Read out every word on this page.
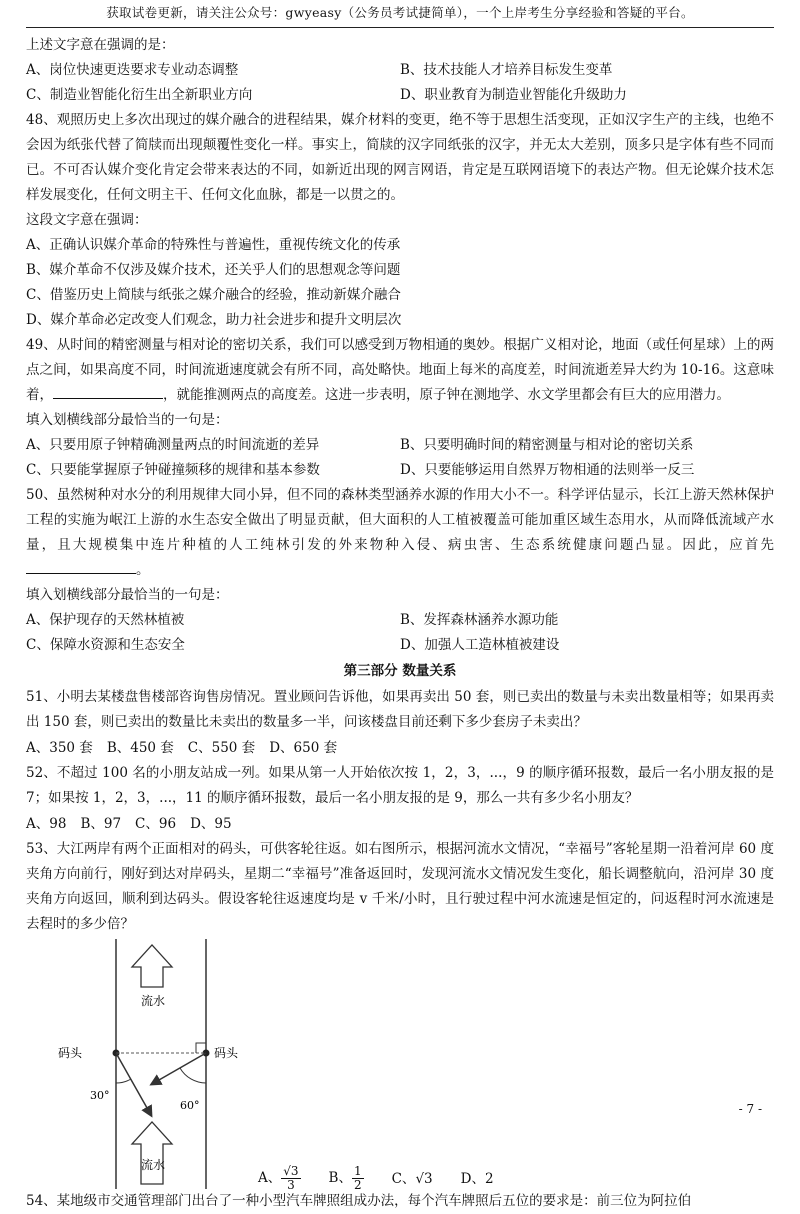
获取试卷更新，请关注公众号：gwyeasy（公务员考试捷简单），一个上岸考生分享经验和答疑的平台。

上述文字意在强调的是：

A、岗位快速更迭要求专业动态调整	B、技术技能人才培养目标发生变革
C、制造业智能化衍生出全新职业方向	D、职业教育为制造业智能化升级助力

48、观照历史上多次出现过的媒介融合的进程结果，媒介材料的变更，绝不等于思想生活变现，正如汉字生产的主线，也绝不会因为纸张代替了简牍而出现颠覆性变化一样。事实上，简牍的汉字同纸张的汉字，并无太大差别，顶多只是字体有些不同而已。不可否认媒介变化肯定会带来表达的不同，如新近出现的网言网语，肯定是互联网语境下的表达产物。但无论媒介技术怎样发展变化，任何文明主干、任何文化血脉，都是一以贯之的。

这段文字意在强调：

A、正确认识媒介革命的特殊性与普遍性，重视传统文化的传承

B、媒介革命不仅涉及媒介技术，还关乎人们的思想观念等问题

C、借鉴历史上简牍与纸张之媒介融合的经验，推动新媒介融合

D、媒介革命必定改变人们观念，助力社会进步和提升文明层次

49、从时间的精密测量与相对论的密切关系，我们可以感受到万物相通的奥妙。根据广义相对论，地面（或任何星球）上的两点之间，如果高度不同，时间流逝速度就会有所不同，高处略快。地面上每米的高度差，时间流逝差异大约为 10-16。这意味着，	，就能推测两点的高度差。这进一步表明，原子钟在测地学、水文学里都会有巨大的应用潜力。

填入划横线部分最恰当的一句是：

A、只要用原子钟精确测量两点的时间流逝的差异	B、只要明确时间的精密测量与相对论的密切关系
C、只要能掌握原子钟碰撞频移的规律和基本参数	D、只要能够运用自然界万物相通的法则举一反三

50、虽然树种对水分的利用规律大同小异，但不同的森林类型涵养水源的作用大小不一。科学评估显示，长江上游天然林保护工程的实施为岷江上游的水生态安全做出了明显贡献，但大面积的人工植被覆盖可能加重区域生态用水，从而降低流域产水量，且大规模集中连片种植的人工纯林引发的外来物种入侵、病虫害、生态系统健康问题凸显。因此，应首先。

填入划横线部分最恰当的一句是：

A、保护现存的天然林植被	B、发挥森林涵养水源功能
C、保障水资源和生态安全	D、加强人工造林植被建设
第三部分 数量关系

51、小明去某楼盘售楼部咨询售房情况。置业顾问告诉他，如果再卖出 50 套，则已卖出的数量与未卖出数量相等；如果再卖出 150 套，则已卖出的数量比未卖出的数量多一半，问该楼盘目前还剩下多少套房子未卖出？

A、350 套 B、450 套 C、550 套 D、650 套

52、不超过 100 名的小朋友站成一列。如果从第一人开始依次按 1，2，3，...，9 的顺序循环报数，最后一名小朋友报的是 7；如果按 1，2，3，...，11 的顺序循环报数，最后一名小朋友报的是 9，那么一共有多少名小朋友？

A、98 B、97 C、96 D、95

53、大江两岸有两个正面相对的码头，可供客轮往返。如右图所示，根据河流水文情况，“幸福号”客轮星期一沿着河岸 60 度夹角方向前行，刚好到达对岸码头，星期二“幸福号”准备返回时，发现河流水文情况发生变化，船长调整航向，沿河岸 30 度夹角方向返回，顺利到达码头。假设客轮往返速度均是 v 千米/小时，且行驶过程中河水流速是恒定的，问返程时河水流速是去程时的多少倍？

流水
流水
码头	码头
30°
60°
A、 $\frac{√3}{3}$ B、 $\frac{1}{2}$ C、√3 D、2

54、某地级市交通管理部门出台了一种小型汽车牌照组成办法，每个汽车牌照后五位的要求是：前三位为阿拉伯

- 7 -
